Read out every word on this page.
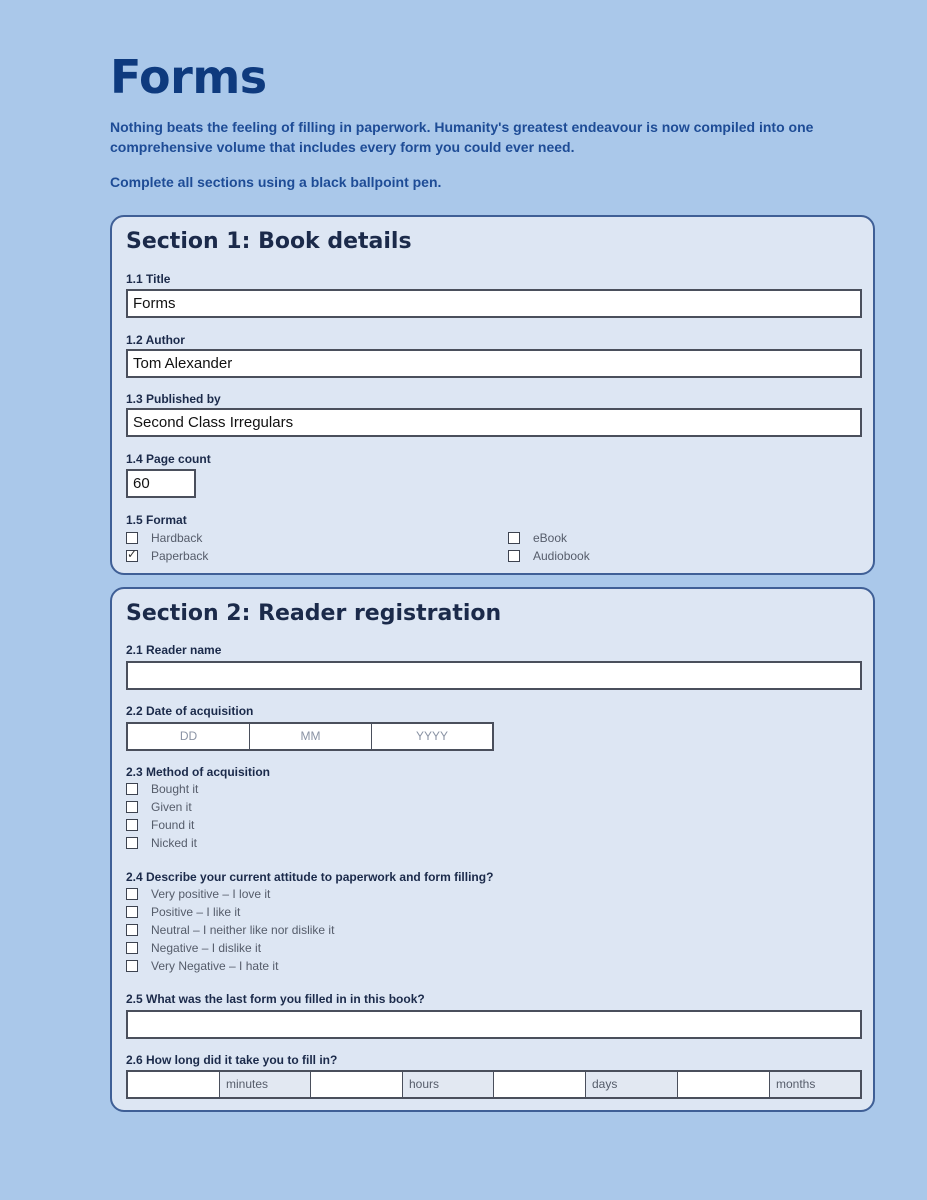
Forms

Nothing beats the feeling of filling in paperwork. Humanity's greatest endeavour is now compiled into one comprehensive volume that includes every form you could ever need.

Complete all sections using a black ballpoint pen.

Section 1: Book details
1.1 Title
Forms
1.2 Author
Tom Alexander
1.3 Published by
Second Class Irregulars
1.4 Page count
60
1.5 Format
Hardback
✓Paperback
eBook
Audiobook
Section 2: Reader registration
2.1 Reader name
2.2 Date of acquisition
DD	MM	YYYY
2.3 Method of acquisition
Bought it
Given it
Found it
Nicked it
2.4 Describe your current attitude to paperwork and form filling?
Very positive – I love it
Positive – I like it
Neutral – I neither like nor dislike it
Negative – I dislike it
Very Negative – I hate it
2.5 What was the last form you filled in in this book?
2.6 How long did it take you to fill in?
minutes	hours	days	months
